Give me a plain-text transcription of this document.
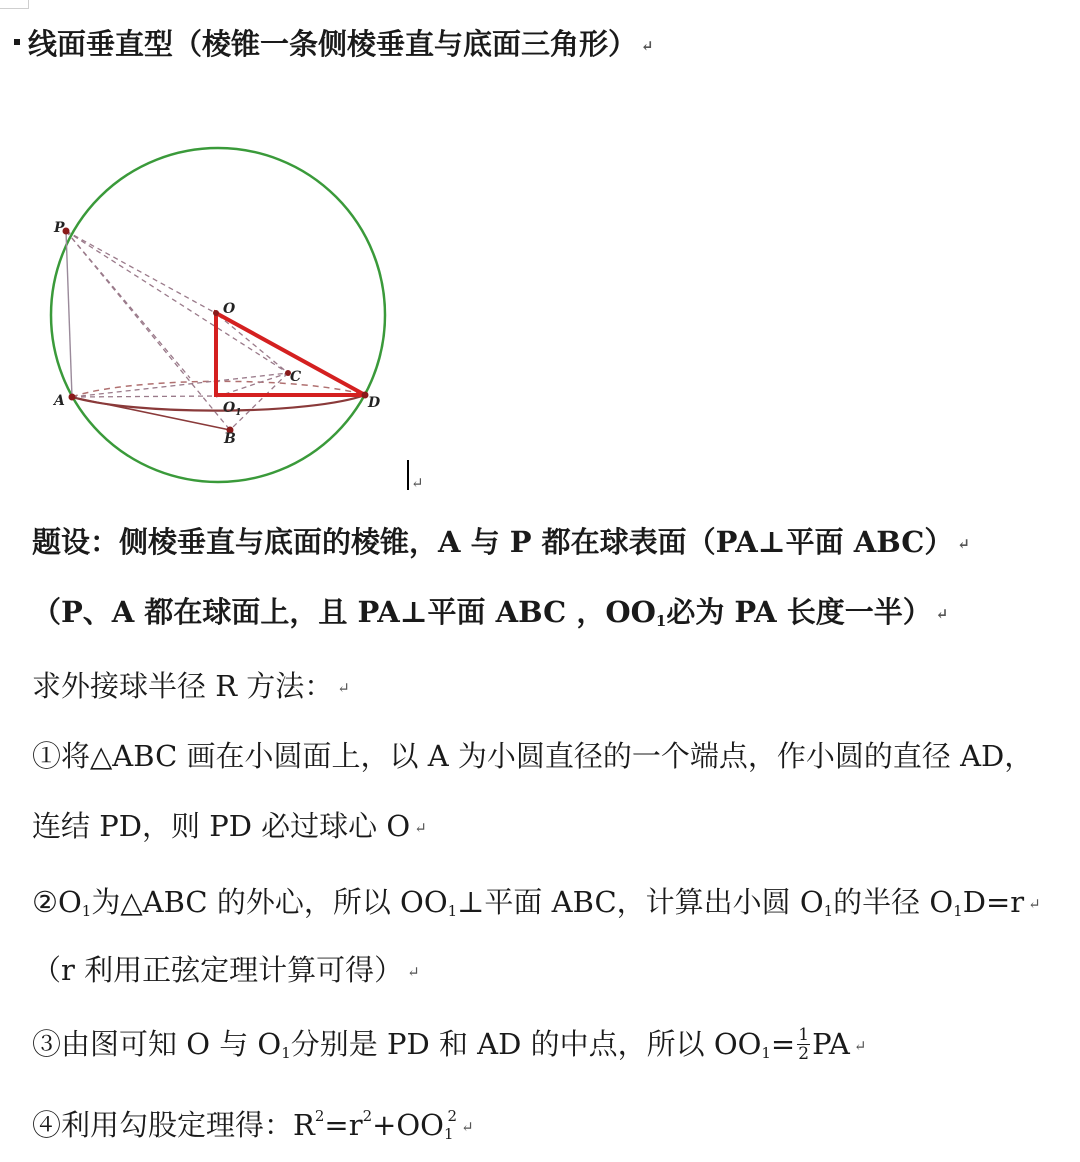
线面垂直型（棱锥一条侧棱垂直与底面三角形） ↵
P
O
C
A	$O_1$
D
B
↵
题设：侧棱垂直与底面的棱锥，A 与 P 都在球表面（PA⊥平面 ABC） ↵
（P、A 都在球面上，且 PA⊥平面 ABC ，$OO_1$必为 PA 长度一半） ↵
求外接球半径 R 方法： ↵
①将△ABC 画在小圆面上，以 A 为小圆直径的一个端点，作小圆的直径 AD，
连结 PD，则 PD 必过球心 O ↵
$②O_1$为△ABC 的外心，所以 $OO_1\perp$平面 ABC，计算出小圆 $O_1$的半径 $O_1D=r$ ↵
（r 利用正弦定理计算可得） ↵
③由图可知 O 与 $O_1$分别是 PD 和 AD 的中点，所以 $OO_1= \frac{1}{2}$ PA ↵
④利用勾股定理得：$R^2=r^2+OO_1^2↵$
